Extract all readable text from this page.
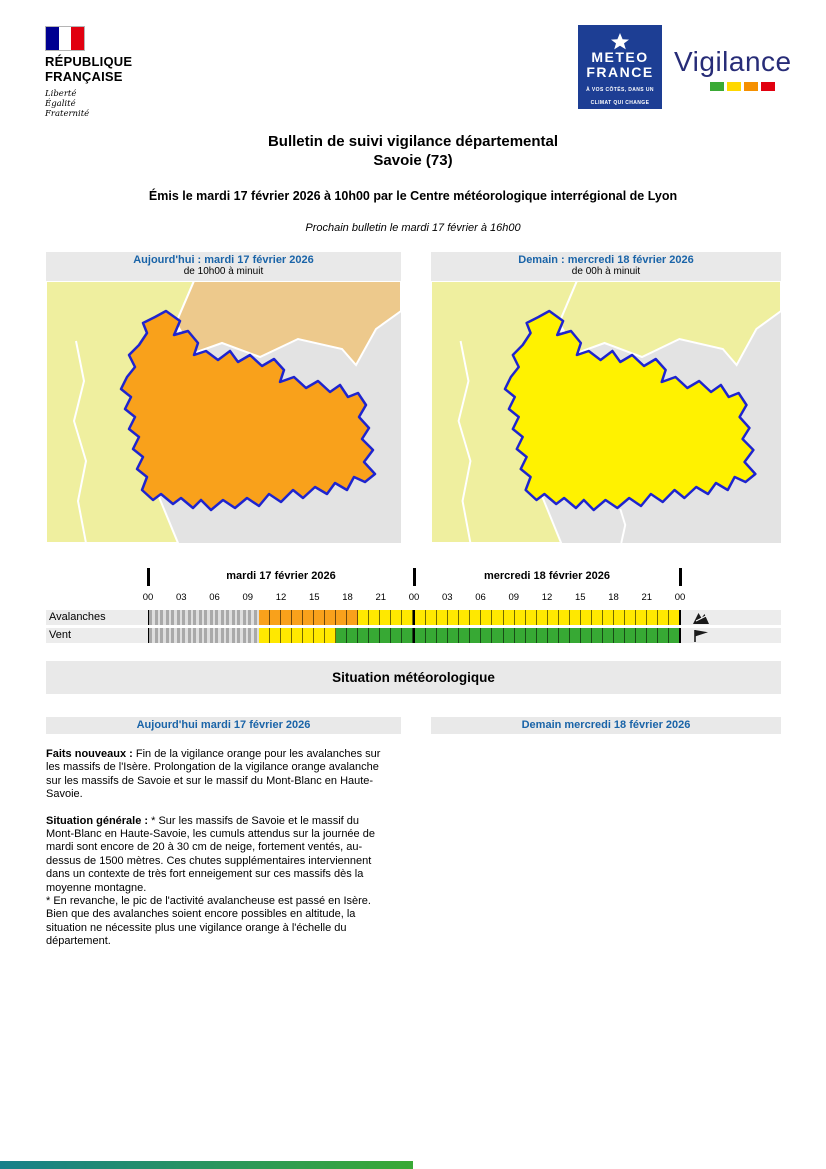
RÉPUBLIQUE
FRANÇAISE
Liberté
Égalité
Fraternité
METEO
FRANCE
À VOS CÔTÉS, DANS UN
CLIMAT QUI CHANGE
Vigilance
Bulletin de suivi vigilance départemental
Savoie (73)
Émis le mardi 17 février 2026 à 10h00 par le Centre météorologique interrégional de Lyon
Prochain bulletin le mardi 17 février à 16h00
Aujourd'hui : mardi 17 février 2026
de 10h00 à minuit
Demain : mercredi 18 février 2026
de 00h à minuit
mardi 17 février 2026	mercredi 18 février 2026
00 03 06 09 12 15 18 21 00 03 06 09 12 15 18 21 00
Avalanches
Vent
Situation météorologique
Aujourd'hui mardi 17 février 2026	Demain mercredi 18 février 2026
Faits nouveaux : Fin de la vigilance orange pour les avalanches sur les massifs de l'Isère. Prolongation de la vigilance orange avalanche sur les massifs de Savoie et sur le massif du Mont-Blanc en Haute-Savoie.
Situation générale : * Sur les massifs de Savoie et le massif du Mont-Blanc en Haute-Savoie, les cumuls attendus sur la journée de mardi sont encore de 20 à 30 cm de neige, fortement ventés, au-dessus de 1500 mètres. Ces chutes supplémentaires interviennent dans un contexte de très fort enneigement sur ces massifs dès la moyenne montagne.
* En revanche, le pic de l'activité avalancheuse est passé en Isère. Bien que des avalanches soient encore possibles en altitude, la situation ne nécessite plus une vigilance orange à l'échelle du département.
